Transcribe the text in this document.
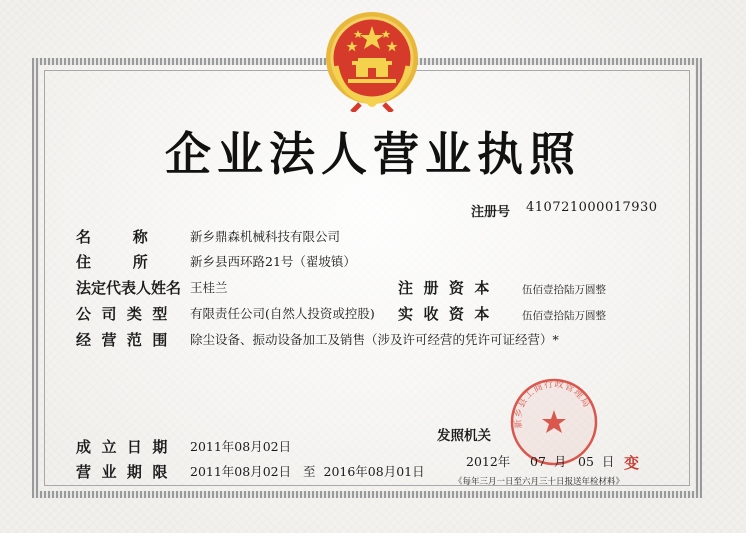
企业法人营业执照
注册号 410721000017930
名        称	新乡鼎森机械科技有限公司
住        所	新乡县西环路21号（翟坡镇）
法定代表人姓名 王桂兰	注  册  资  本	伍佰壹拾陆万圆整
公  司  类  型 有限责任公司(自然人投资或控股) 实  收  资  本	伍佰壹拾陆万圆整
经  营  范  围 除尘设备、振动设备加工及销售（涉及许可经营的凭许可证经营）*
成  立  日  期 2011年08月02日
营  业  期  限 2011年08月02日   至  2016年08月01日
新乡县工商行政管理局
发照机关
2012年 07  月 05  日 变
《每年三月一日至六月三十日报送年检材料》
